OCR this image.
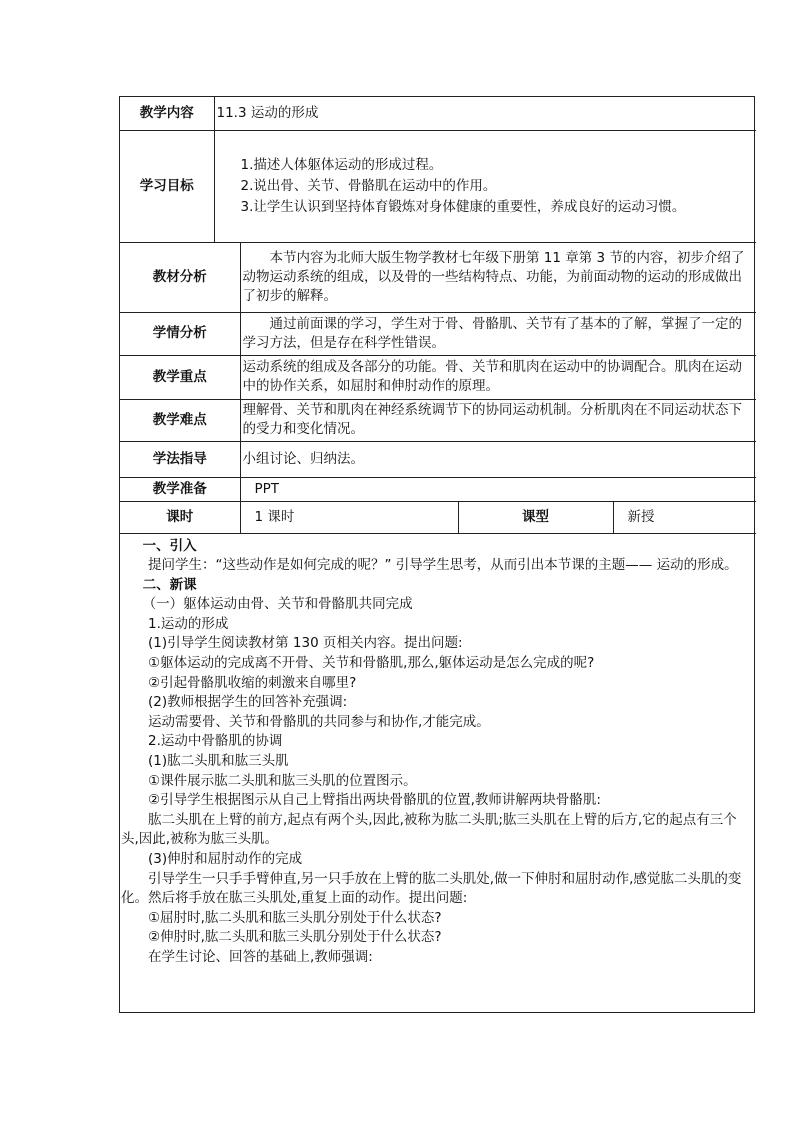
教学内容	11.3 运动的形成			
学习目标	1.描述人体躯体运动的形成过程。
2.说出骨、关节、骨骼肌在运动中的作用。
3.让学生认识到坚持体育锻炼对身体健康的重要性，养成良好的运动习惯。			

教材分析		本节内容为北师大版生物学教材七年级下册第 11 章第 3 节的内容，初步介绍了动物运动系统的组成，以及骨的一些结构特点、功能，为前面动物的运动的形成做出了初步的解释。		
学情分析		通过前面课的学习，学生对于骨、骨骼肌、关节有了基本的了解，掌握了一定的学习方法，但是存在科学性错误。		
教学重点		运动系统的组成及各部分的功能。骨、关节和肌肉在运动中的协调配合。肌肉在运动中的协作关系，如屈肘和伸肘动作的原理。		
教学难点		理解骨、关节和肌肉在神经系统调节下的协同运动机制。分析肌肉在不同运动状态下的受力和变化情况。		
学法指导		小组讨论、归纳法。		
教学准备		PPT		
课时		1 课时	课型	新授

一、引入

提问学生：“这些动作是如何完成的呢？” 引导学生思考，从而引出本节课的主题—— 运动的形成。

二、新课

（一）躯体运动由骨、关节和骨骼肌共同完成

1.运动的形成

(1)引导学生阅读教材第 130 页相关内容。提出问题:

①躯体运动的完成离不开骨、关节和骨骼肌,那么,躯体运动是怎么完成的呢?

②引起骨骼肌收缩的刺激来自哪里?

(2)教师根据学生的回答补充强调:

运动需要骨、关节和骨骼肌的共同参与和协作,才能完成。

2.运动中骨骼肌的协调

(1)肱二头肌和肱三头肌

①课件展示肱二头肌和肱三头肌的位置图示。

②引导学生根据图示从自己上臂指出两块骨骼肌的位置,教师讲解两块骨骼肌:

肱二头肌在上臂的前方,起点有两个头,因此,被称为肱二头肌;肱三头肌在上臂的后方,它的起点有三个头,因此,被称为肱三头肌。

(3)伸肘和屈肘动作的完成

引导学生一只手手臂伸直,另一只手放在上臂的肱二头肌处,做一下伸肘和屈肘动作,感觉肱二头肌的变化。然后将手放在肱三头肌处,重复上面的动作。提出问题:

①屈肘时,肱二头肌和肱三头肌分别处于什么状态?

②伸肘时,肱二头肌和肱三头肌分别处于什么状态?

在学生讨论、回答的基础上,教师强调:
